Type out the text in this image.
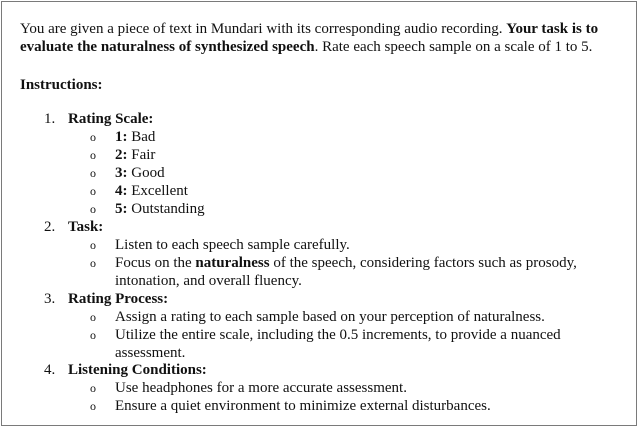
You are given a piece of text in Mundari with its corresponding audio recording. Your task is to evaluate the naturalness of synthesized speech. Rate each speech sample on a scale of 1 to 5.

Instructions:
1. Rating Scale:
o 1: Bad
o 2: Fair
o 3: Good
o 4: Excellent
o 5: Outstanding
2. Task:
o Listen to each speech sample carefully.
o Focus on the naturalness of the speech, considering factors such as prosody, intonation, and overall fluency.
3. Rating Process:
o Assign a rating to each sample based on your perception of naturalness.
o Utilize the entire scale, including the 0.5 increments, to provide a nuanced assessment.
4. Listening Conditions:
o Use headphones for a more accurate assessment.
o Ensure a quiet environment to minimize external disturbances.
